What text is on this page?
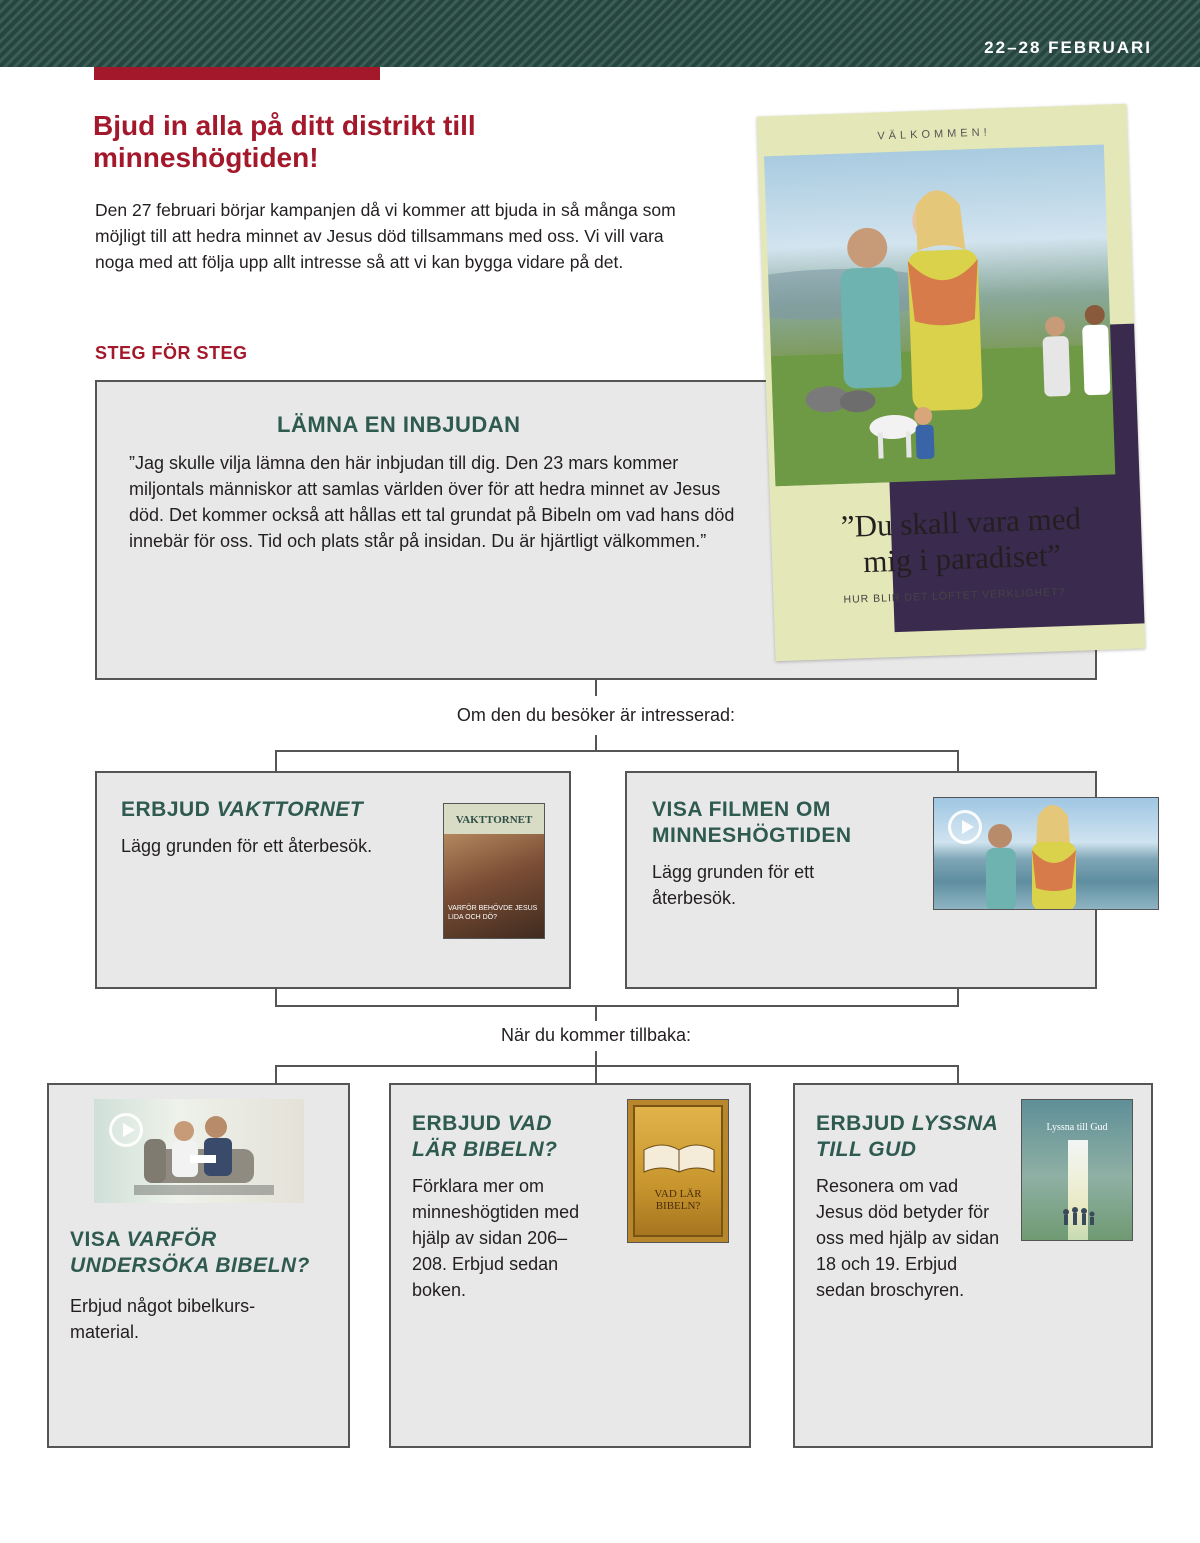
22–28 FEBRUARI
Bjud in alla på ditt distrikt till minneshögtiden!

Den 27 februari börjar kampanjen då vi kommer att bjuda in så många som möjligt till att hedra minnet av Jesus död tillsammans med oss. Vi vill vara noga med att följa upp allt intresse så att vi kan bygga vidare på det.

STEG FÖR STEG
LÄMNA EN INBJUDAN

”Jag skulle vilja lämna den här inbjudan till dig. Den 23 mars kommer miljontals människor att samlas världen över för att hedra minnet av Jesus död. Det kommer också att hållas ett tal grundat på Bibeln om vad hans död innebär för oss. Tid och plats står på insidan. Du är hjärtligt välkommen.”

VÄLKOMMEN!
”Du skall vara med
mig i paradiset”
HUR BLIR DET LÖFTET VERKLIGHET?
Om den du besöker är intresserad:
ERBJUD VAKTTORNET

Lägg grunden för ett återbesök.

VAKTTORNET
VARFÖR BEHÖVDE JESUS LIDA OCH DÖ?
VISA FILMEN OM
MINNESHÖGTIDEN

Lägg grunden för ett återbesök.

När du kommer tillbaka:
VISA VARFÖR UNDERSÖKA BIBELN?

Erbjud något bibelkurs-material.

ERBJUD VAD LÄR BIBELN?

Förklara mer om minneshögtiden med hjälp av sidan 206–208. Erbjud sedan boken.

VAD LÄR
BIBELN?
ERBJUD LYSSNA TILL GUD

Resonera om vad Jesus död betyder för oss med hjälp av sidan 18 och 19. Erbjud sedan broschyren.

Lyssna till Gud
